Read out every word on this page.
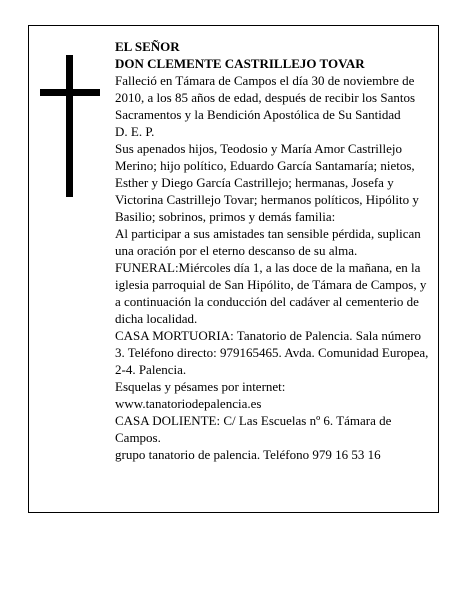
EL SEÑOR

DON CLEMENTE CASTRILLEJO TOVAR

Falleció en Támara de Campos el día 30 de noviembre de 2010, a los 85 años de edad, después de recibir los Santos Sacramentos y la Bendición Apostólica de Su Santidad

D. E. P.

Sus apenados hijos, Teodosio y María Amor Castrillejo Merino; hijo político, Eduardo García Santamaría; nietos, Esther y Diego García Castrillejo; hermanas, Josefa y Victorina Castrillejo Tovar; hermanos políticos, Hipólito y Basilio; sobrinos, primos y demás familia:

Al participar a sus amistades tan sensible pérdida, suplican una oración por el eterno descanso de su alma.

FUNERAL:Miércoles día 1, a las doce de la mañana, en la iglesia parroquial de San Hipólito, de Támara de Campos, y a continuación la conducción del cadáver al cementerio de dicha localidad.

CASA MORTUORIA: Tanatorio de Palencia. Sala número 3. Teléfono directo: 979165465. Avda. Comunidad Europea, 2-4. Palencia.

Esquelas y pésames por internet: www.tanatoriodepalencia.es

CASA DOLIENTE: C/ Las Escuelas nº 6. Támara de Campos.

grupo tanatorio de palencia. Teléfono 979 16 53 16
